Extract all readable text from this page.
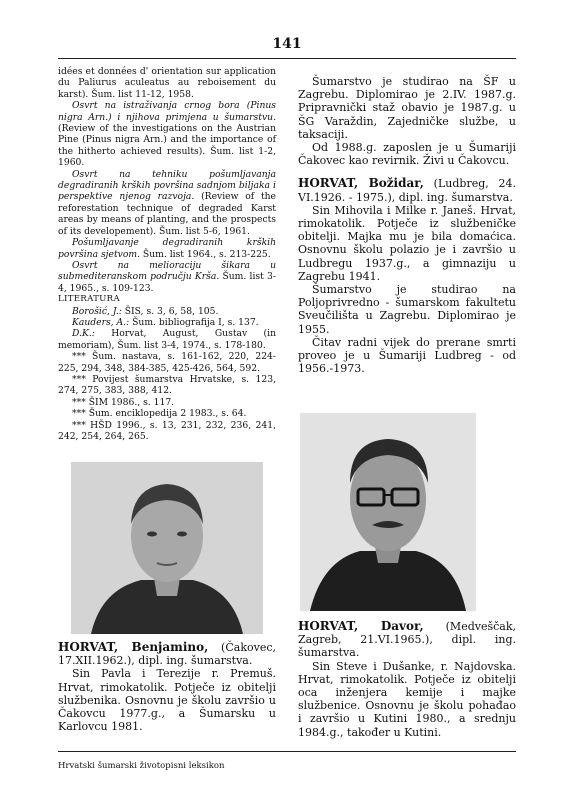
141

idées et données d' orientation sur application du Paliurus aculeatus au reboisement du karst). Šum. list 11-12, 1958.

Osvrt na istraživanja crnog bora (Pinus nigra Arn.) i njihova primjena u šumarstvu. (Review of the investigations on the Austrian Pine (Pinus nigra Arn.) and the importance of the hitherto achieved results). Šum. list 1-2, 1960.

Osvrt na tehniku pošumljavanja degradiranih krških površina sadnjom biljaka i perspektive njenog razvoja. (Review of the reforestation technique of degraded Karst areas by means of planting, and the prospects of its developement). Šum. list 5-6, 1961.

Pošumljavanje degradiranih krških površina sjetvom. Šum. list 1964., s. 213-225.

Osvrt na melioraciju šikara u submediteranskom području Krša. Šum. list 3-4, 1965., s. 109-123.

LITERATURA

Borošić, J.: ŠIS, s. 3, 6, 58, 105.

Kauders, A.: Šum. bibliografija I, s. 137.

D.K.: Horvat, August, Gustav (in memoriam), Šum. list 3-4, 1974., s. 178-180.

*** Šum. nastava, s. 161-162, 220, 224-225, 294, 348, 384-385, 425-426, 564, 592.

*** Povijest šumarstva Hrvatske, s. 123, 274, 275, 383, 388, 412.

*** ŠIM 1986., s. 117.

*** Šum. enciklopedija 2 1983., s. 64.

*** HŠD 1996., s. 13, 231, 232, 236, 241, 242, 254, 264, 265.

HORVAT, Benjamino, (Čakovec, 17.XII.1962.), dipl. ing. šumarstva.

Sin Pavla i Terezije r. Premuš. Hrvat, rimokatolik. Potječe iz obitelji službenika. Osnovnu je školu završio u Čakovcu 1977.g., a Šumarsku u Karlovcu 1981.

Šumarstvo je studirao na ŠF u Zagrebu. Diplomirao je 2.IV. 1987.g. Pripravnički staž obavio je 1987.g. u ŠG Varaždin, Zajedničke službe, u taksaciji.

Od 1988.g. zaposlen je u Šumariji Čakovec kao revirnik. Živi u Čakovcu.

HORVAT, Božidar, (Ludbreg, 24. VI.1926. - 1975.), dipl. ing. šumarstva.

Sin Mihovila i Milke r. Janeš. Hrvat, rimokatolik. Potječe iz službeničke obitelji. Majka mu je bila domaćica. Osnovnu školu polazio je i završio u Ludbregu 1937.g., a gimnaziju u Zagrebu 1941.

Šumarstvo je studirao na Poljoprivredno - šumarskom fakultetu Sveučilišta u Zagrebu. Diplomirao je 1955.

Čitav radni vijek do prerane smrti proveo je u Šumariji Ludbreg - od 1956.-1973.

HORVAT, Davor, (Medveščak, Zagreb, 21.VI.1965.), dipl. ing. šumarstva.

Sin Steve i Dušanke, r. Najdovska. Hrvat, rimokatolik. Potječe iz obitelji oca inženjera kemije i majke službenice. Osnovnu je školu pohađao i završio u Kutini 1980., a srednju 1984.g., također u Kutini.

Hrvatski šumarski životopisni leksikon
